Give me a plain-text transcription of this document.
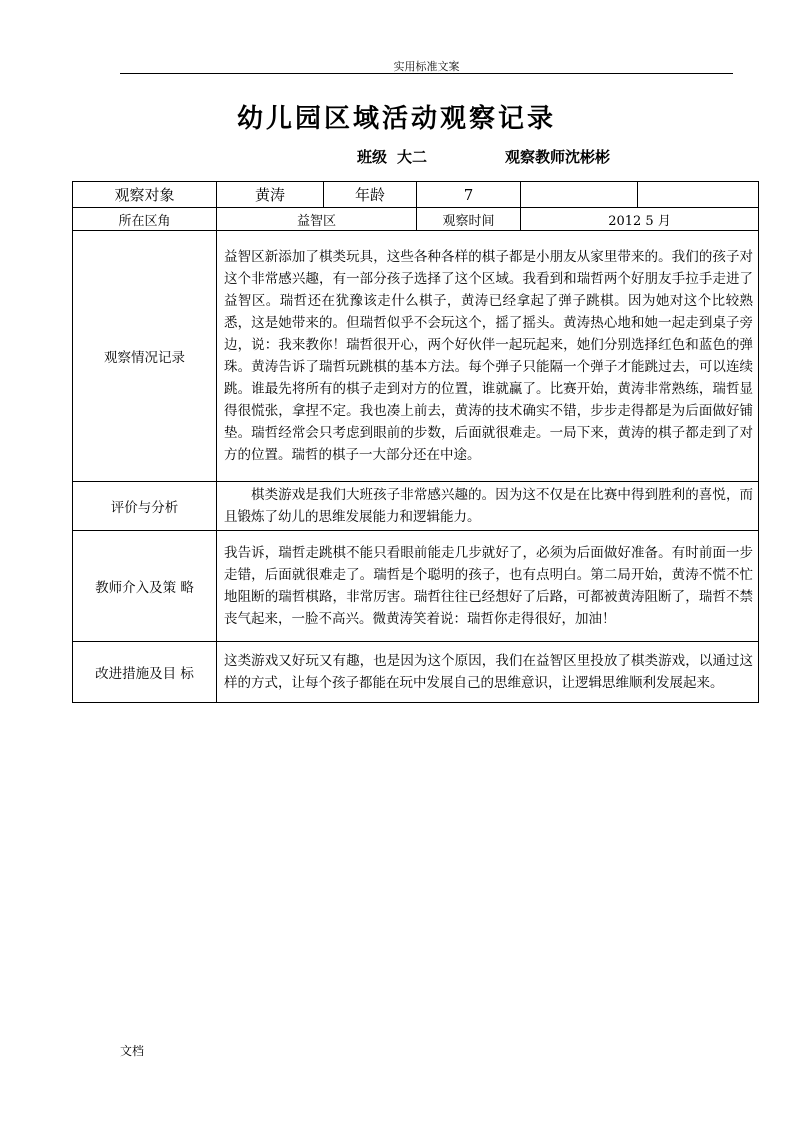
实用标准文案
幼儿园区域活动观察记录
班级 大二	观察教师沈彬彬
观察对象	黄涛	年龄	7		
所在区角	益智区		观察时间	2012 5 月	
观察情况记录	益智区新添加了棋类玩具，这些各种各样的棋子都是小朋友从家里带来的。我们的孩子对这个非常感兴趣，有一部分孩子选择了这个区域。我看到和瑞哲两个好朋友手拉手走进了益智区。瑞哲还在犹豫该走什么棋子，黄涛已经拿起了弹子跳棋。因为她对这个比较熟悉，这是她带来的。但瑞哲似乎不会玩这个，摇了摇头。黄涛热心地和她一起走到桌子旁边，说：我来教你！瑞哲很开心，两个好伙伴一起玩起来，她们分别选择红色和蓝色的弹珠。黄涛告诉了瑞哲玩跳棋的基本方法。每个弹子只能隔一个弹子才能跳过去，可以连续跳。谁最先将所有的棋子走到对方的位置，谁就赢了。比赛开始，黄涛非常熟练，瑞哲显得很慌张，拿捏不定。我也凑上前去，黄涛的技术确实不错，步步走得都是为后面做好铺垫。瑞哲经常会只考虑到眼前的步数，后面就很难走。一局下来，黄涛的棋子都走到了对方的位置。瑞哲的棋子一大部分还在中途。				
评价与分析	棋类游戏是我们大班孩子非常感兴趣的。因为这不仅是在比赛中得到胜利的喜悦，而且锻炼了幼儿的思维发展能力和逻辑能力。				
教师介入及策 略	我告诉，瑞哲走跳棋不能只看眼前能走几步就好了，必须为后面做好准备。有时前面一步走错，后面就很难走了。瑞哲是个聪明的孩子，也有点明白。第二局开始，黄涛不慌不忙地阻断的瑞哲棋路，非常厉害。瑞哲往往已经想好了后路，可都被黄涛阻断了，瑞哲不禁丧气起来，一脸不高兴。微黄涛笑着说：瑞哲你走得很好，加油！				
改进措施及目 标	这类游戏又好玩又有趣，也是因为这个原因，我们在益智区里投放了棋类游戏，以通过这样的方式，让每个孩子都能在玩中发展自己的思维意识，让逻辑思维顺利发展起来。				
文档
